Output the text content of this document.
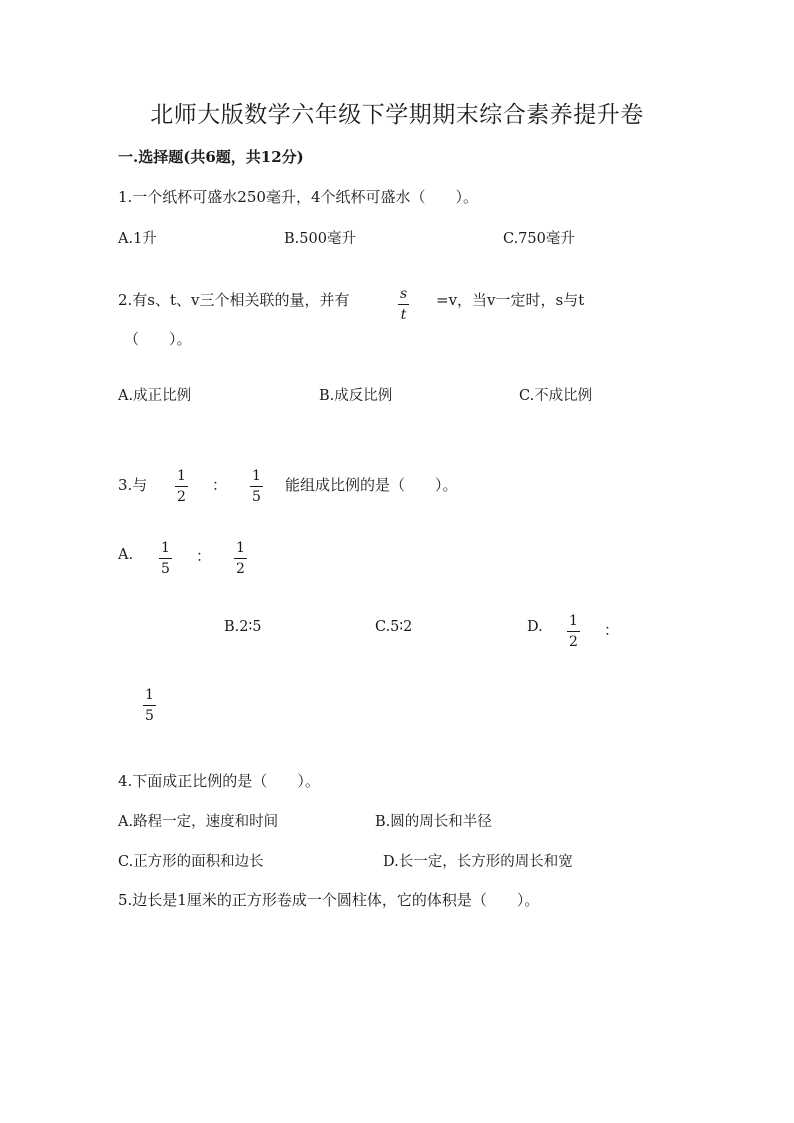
北师大版数学六年级下学期期末综合素养提升卷
一.选择题(共6题，共12分)
1.一个纸杯可盛水250毫升，4个纸杯可盛水（　　）。
A.1升	B.500毫升	C.750毫升
2.有s、t、v三个相关联的量，并有	$\frac{s}{t} =v$，当v一定时，s与t
（　　）。
A.成正比例	B.成反比例	C.不成比例
3.与 $\frac{1}{2}$ ： $\frac{1}{5}$ 能组成比例的是（　　）。
A. $\frac{1}{5}$ ： $\frac{1}{2}$
B.2∶5	C.5∶2	D. $\frac{1}{2}$ ：
$\frac{1}{5}$
4.下面成正比例的是（　　）。
A.路程一定，速度和时间	B.圆的周长和半径
C.正方形的面积和边长	D.长一定，长方形的周长和宽
5.边长是1厘米的正方形卷成一个圆柱体，它的体积是（　　）。
